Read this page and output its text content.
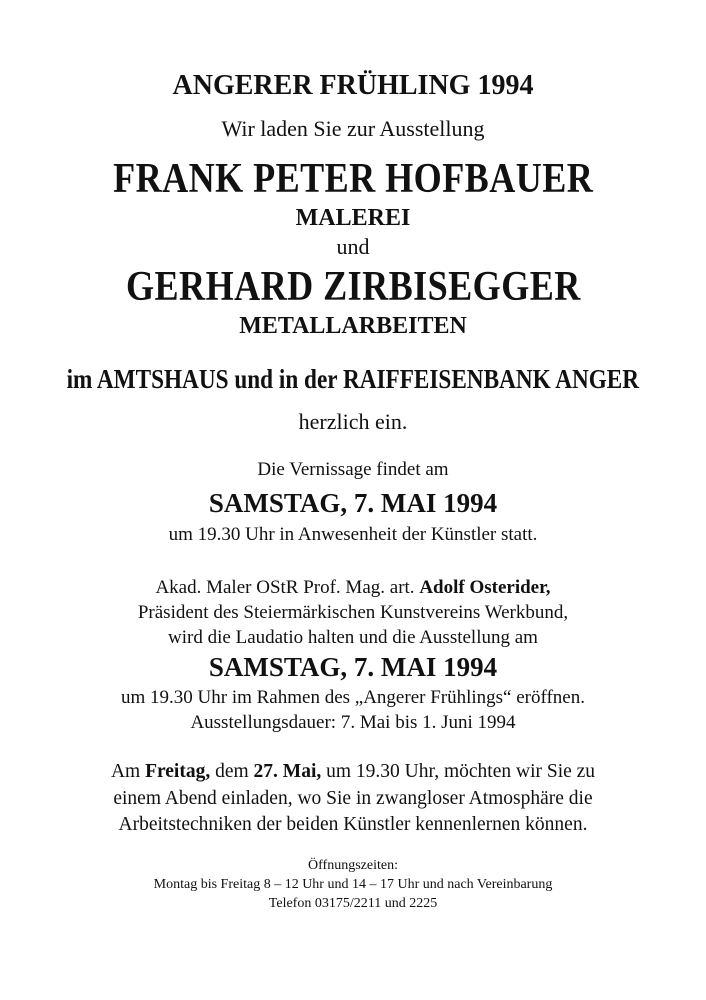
ANGERER FRÜHLING 1994
Wir laden Sie zur Ausstellung
FRANK PETER HOFBAUER
MALEREI
und
GERHARD ZIRBISEGGER
METALLARBEITEN
im AMTSHAUS und in der RAIFFEISENBANK ANGER
herzlich ein.
Die Vernissage findet am
SAMSTAG, 7. MAI 1994
um 19.30 Uhr in Anwesenheit der Künstler statt.
Akad. Maler OStR Prof. Mag. art. Adolf Osterider,
Präsident des Steiermärkischen Kunstvereins Werkbund,
wird die Laudatio halten und die Ausstellung am
SAMSTAG, 7. MAI 1994
um 19.30 Uhr im Rahmen des „Angerer Frühlings“ eröffnen.
Ausstellungsdauer: 7. Mai bis 1. Juni 1994
Am Freitag, dem 27. Mai, um 19.30 Uhr, möchten wir Sie zu
einem Abend einladen, wo Sie in zwangloser Atmosphäre die
Arbeitstechniken der beiden Künstler kennenlernen können.
Öffnungszeiten:
Montag bis Freitag 8 – 12 Uhr und 14 – 17 Uhr und nach Vereinbarung
Telefon 03175/2211 und 2225
